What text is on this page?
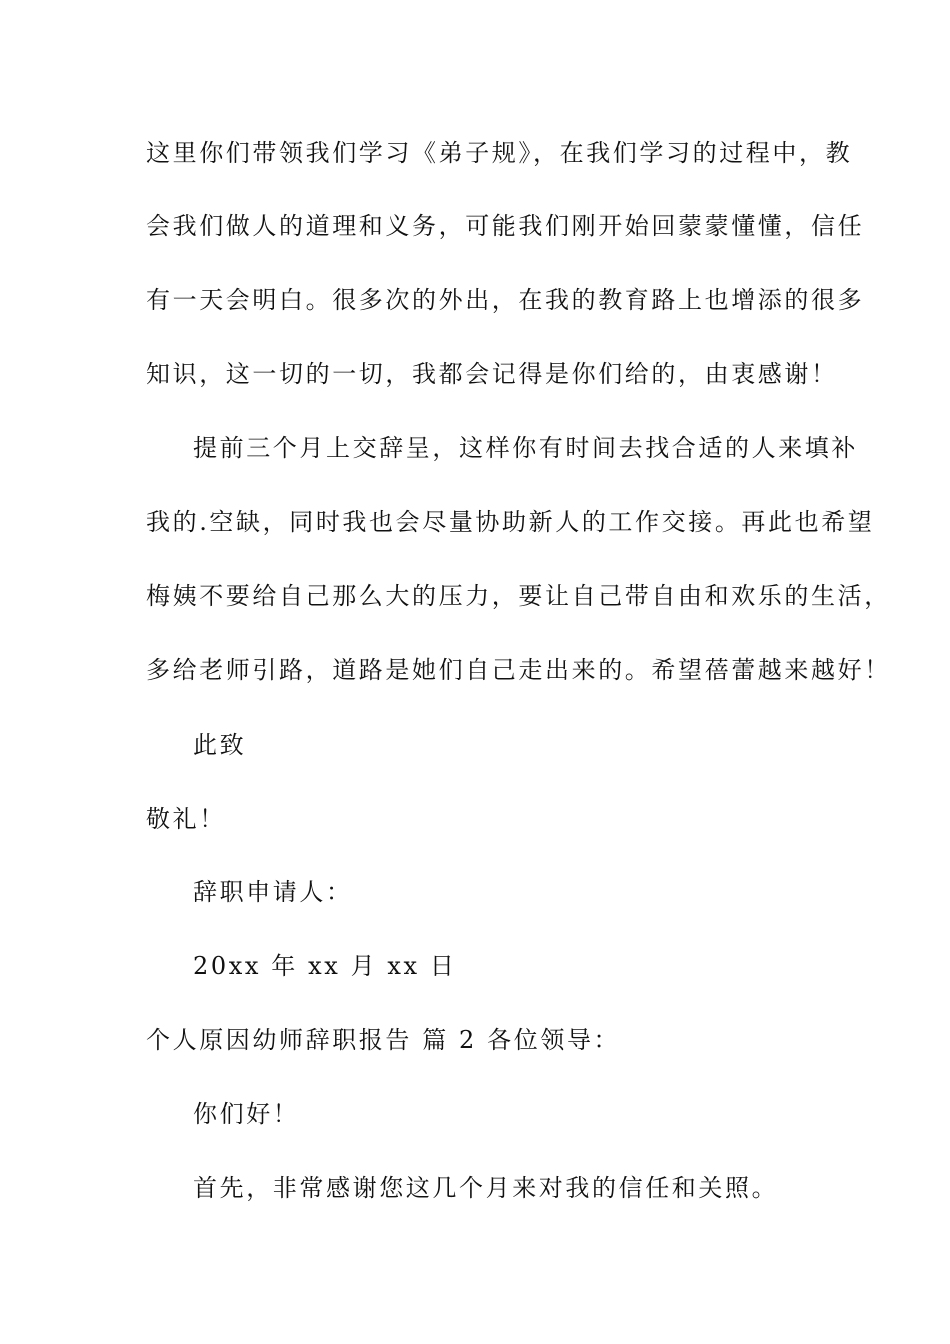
这里你们带领我们学习《弟子规》，在我们学习的过程中，教
会我们做人的道理和义务，可能我们刚开始回蒙蒙懂懂，信任
有一天会明白。很多次的外出，在我的教育路上也增添的很多
知识，这一切的一切，我都会记得是你们给的，由衷感谢！
提前三个月上交辞呈，这样你有时间去找合适的人来填补
我的.空缺，同时我也会尽量协助新人的工作交接。再此也希望
梅姨不要给自己那么大的压力，要让自己带自由和欢乐的生活，
多给老师引路，道路是她们自己走出来的。希望蓓蕾越来越好！
此致
敬礼！
辞职申请人：
20xx 年 xx 月 xx 日
个人原因幼师辞职报告 篇 2 各位领导：
你们好！
首先，非常感谢您这几个月来对我的信任和关照。
